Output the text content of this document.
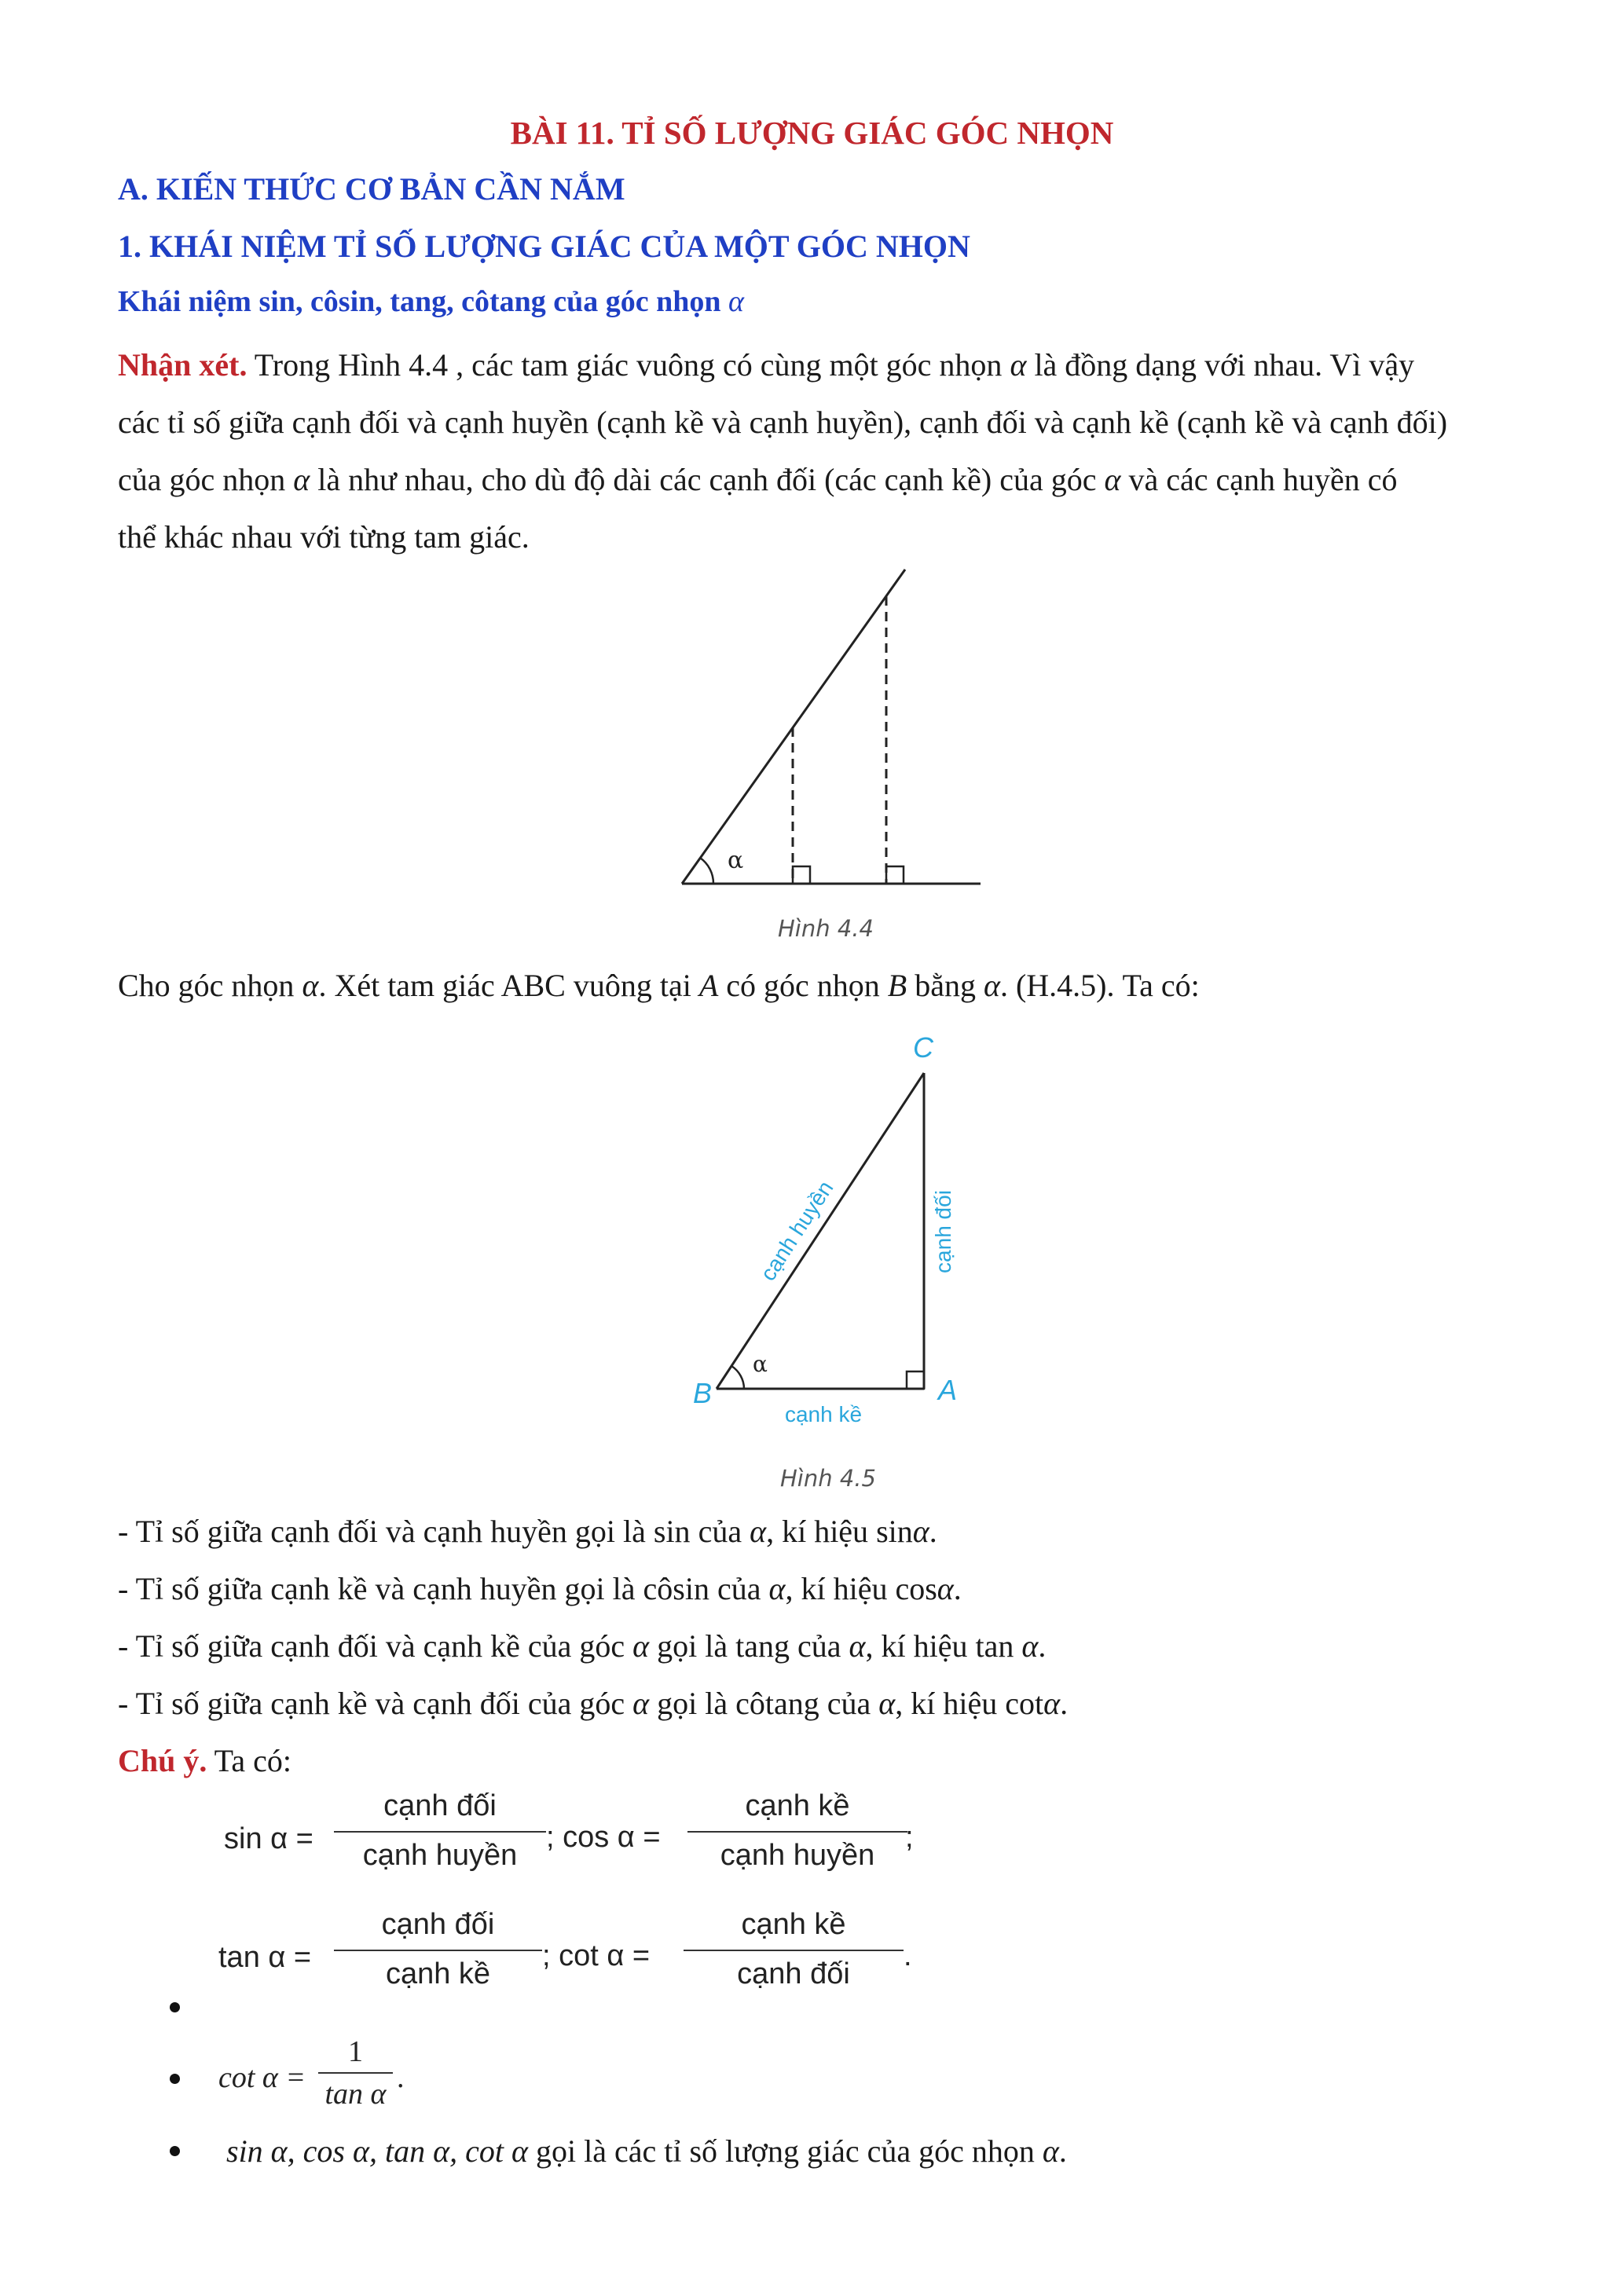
BÀI 11. TỈ SỐ LƯỢNG GIÁC GÓC NHỌN
A. KIẾN THỨC CƠ BẢN CẦN NẮM
1. KHÁI NIỆM TỈ SỐ LƯỢNG GIÁC CỦA MỘT GÓC NHỌN
Khái niệm sin, côsin, tang, côtang của góc nhọn α
Nhận xét. Trong Hình 4.4 , các tam giác vuông có cùng một góc nhọn α là đồng dạng với nhau. Vì vậy
các tỉ số giữa cạnh đối và cạnh huyền (cạnh kề và cạnh huyền), cạnh đối và cạnh kề (cạnh kề và cạnh đối)
của góc nhọn α là như nhau, cho dù độ dài các cạnh đối (các cạnh kề) của góc α và các cạnh huyền có
thể khác nhau với từng tam giác.
α
Hình 4.4
Cho góc nhọn α. Xét tam giác ABC vuông tại A có góc nhọn B bằng α. (H.4.5). Ta có:
α
C
B	A
cạnh huyền	cạnh đối
cạnh kề
Hình 4.5
- Tỉ số giữa cạnh đối và cạnh huyền gọi là sin của α, kí hiệu sinα.
- Tỉ số giữa cạnh kề và cạnh huyền gọi là côsin của α, kí hiệu cosα.
- Tỉ số giữa cạnh đối và cạnh kề của góc α gọi là tang của α, kí hiệu tan α.
- Tỉ số giữa cạnh kề và cạnh đối của góc α gọi là côtang của α, kí hiệu cotα.
Chú ý. Ta có:
sin α =
cạnh đối
cạnh huyền
; cos α =
cạnh kề
cạnh huyền
;
tan α =
cạnh đối
cạnh kề
; cot α =
cạnh kề
cạnh đối
.
cot α =
1
tan α .
sin α, cos α, tan α, cot α gọi là các tỉ số lượng giác của góc nhọn α.
